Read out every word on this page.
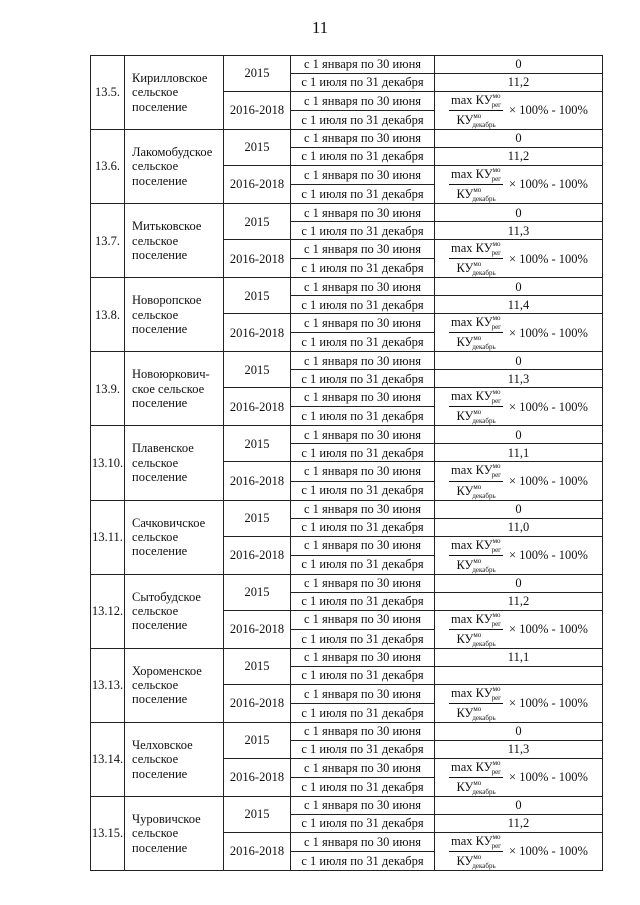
11
13.5.	Кирилловское сельское поселение	2015	с 1 января по 30 июня	0
			с 1 июля по 31 декабря	11,2
		2016-2018	с 1 января по 30 июня	$\frac{\max КУ^{мо}_{рег}}{КУ^{мо}_{декабрь}} \times 100\% - 100\%$

			с 1 июля по 31 декабря	
13.6.	Лакомобудское сельское поселение	2015	с 1 января по 30 июня	0
			с 1 июля по 31 декабря	11,2
		2016-2018	с 1 января по 30 июня	$\frac{\max КУ^{мо}_{рег}}{КУ^{мо}_{декабрь}} \times 100\% - 100\%$

			с 1 июля по 31 декабря	
13.7.	Митьковское сельское поселение	2015	с 1 января по 30 июня	0
			с 1 июля по 31 декабря	11,3
		2016-2018	с 1 января по 30 июня	$\frac{\max КУ^{мо}_{рег}}{КУ^{мо}_{декабрь}} \times 100\% - 100\%$

			с 1 июля по 31 декабря	
13.8.	Новоропское сельское поселение	2015	с 1 января по 30 июня	0
			с 1 июля по 31 декабря	11,4
		2016-2018	с 1 января по 30 июня	$\frac{\max КУ^{мо}_{рег}}{КУ^{мо}_{декабрь}} \times 100\% - 100\%$

			с 1 июля по 31 декабря	
13.9.	Новоюркович-ское сельское поселение	2015	с 1 января по 30 июня	0
			с 1 июля по 31 декабря	11,3
		2016-2018	с 1 января по 30 июня	$\frac{\max КУ^{мо}_{рег}}{КУ^{мо}_{декабрь}} \times 100\% - 100\%$

			с 1 июля по 31 декабря	
13.10.	Плавенское сельское поселение	2015	с 1 января по 30 июня	0
			с 1 июля по 31 декабря	11,1
		2016-2018	с 1 января по 30 июня	$\frac{\max КУ^{мо}_{рег}}{КУ^{мо}_{декабрь}} \times 100\% - 100\%$

			с 1 июля по 31 декабря	
13.11.	Сачковичское сельское поселение	2015	с 1 января по 30 июня	0
			с 1 июля по 31 декабря	11,0
		2016-2018	с 1 января по 30 июня	$\frac{\max КУ^{мо}_{рег}}{КУ^{мо}_{декабрь}} \times 100\% - 100\%$

			с 1 июля по 31 декабря	
13.12.	Сытобудское сельское поселение	2015	с 1 января по 30 июня	0
			с 1 июля по 31 декабря	11,2
		2016-2018	с 1 января по 30 июня	$\frac{\max КУ^{мо}_{рег}}{КУ^{мо}_{декабрь}} \times 100\% - 100\%$

			с 1 июля по 31 декабря	
13.13.	Хороменское сельское поселение	2015	с 1 января по 30 июня	11,1
			с 1 июля по 31 декабря	
		2016-2018	с 1 января по 30 июня	$\frac{\max КУ^{мо}_{рег}}{КУ^{мо}_{декабрь}} \times 100\% - 100\%$

			с 1 июля по 31 декабря	
13.14.	Челховское сельское поселение	2015	с 1 января по 30 июня	0
			с 1 июля по 31 декабря	11,3
		2016-2018	с 1 января по 30 июня	$\frac{\max КУ^{мо}_{рег}}{КУ^{мо}_{декабрь}} \times 100\% - 100\%$

			с 1 июля по 31 декабря	
13.15.	Чуровичское сельское поселение	2015	с 1 января по 30 июня	0
			с 1 июля по 31 декабря	11,2
		2016-2018	с 1 января по 30 июня	$\frac{\max КУ^{мо}_{рег}}{КУ^{мо}_{декабрь}} \times 100\% - 100\%$

			с 1 июля по 31 декабря	
